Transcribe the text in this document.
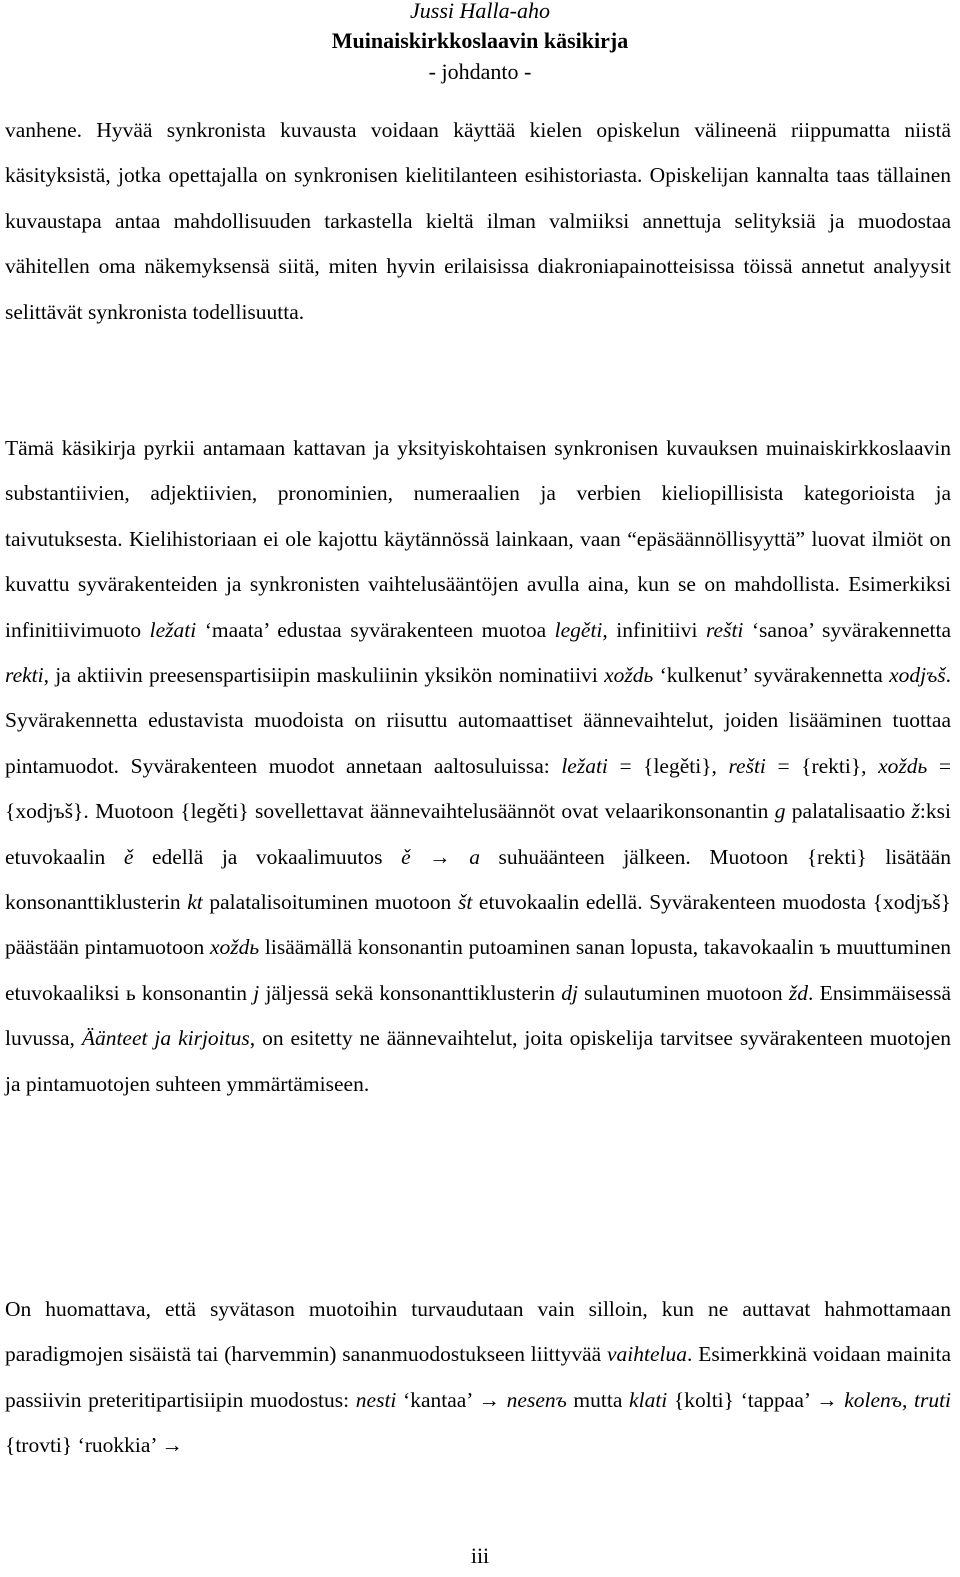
Jussi Halla-aho
Muinaiskirkkoslaavin käsikirja
- johdanto -

vanhene. Hyvää synkronista kuvausta voidaan käyttää kielen opiskelun välineenä riippumatta niistä käsityksistä, jotka opettajalla on synkronisen kielitilanteen esihistoriasta. Opiskelijan kannalta taas tällainen kuvaustapa antaa mahdollisuuden tarkastella kieltä ilman valmiiksi annettuja selityksiä ja muodostaa vähitellen oma näkemyksensä siitä, miten hyvin erilaisissa diakroniapainotteisissa töissä annetut analyysit selittävät synkronista todellisuutta.

Tämä käsikirja pyrkii antamaan kattavan ja yksityiskohtaisen synkronisen kuvauksen muinaiskirkkoslaavin substantiivien, adjektiivien, pronominien, numeraalien ja verbien kieliopillisista kategorioista ja taivutuksesta. Kielihistoriaan ei ole kajottu käytännössä lainkaan, vaan “epäsäännöllisyyttä” luovat ilmiöt on kuvattu syvärakenteiden ja synkronisten vaihtelusääntöjen avulla aina, kun se on mahdollista. Esimerkiksi infinitiivimuoto ležati ‘maata’ edustaa syvärakenteen muotoa legěti, infinitiivi rešti ‘sanoa’ syvärakennetta rekti, ja aktiivin preesenspartisiipin maskuliinin yksikön nominatiivi xoždь ‘kulkenut’ syvärakennetta xodjъš. Syvärakennetta edustavista muodoista on riisuttu automaattiset äännevaihtelut, joiden lisääminen tuottaa pintamuodot. Syvärakenteen muodot annetaan aaltosuluissa: ležati = {legěti}, rešti = {rekti}, xoždь = {xodjъš}. Muotoon {legěti} sovellettavat äännevaihtelusäännöt ovat velaarikonsonantin g palatalisaatio ž:ksi etuvokaalin ě edellä ja vokaalimuutos ě → a suhuäänteen jälkeen. Muotoon {rekti} lisätään konsonanttiklusterin kt palatalisoituminen muotoon št etuvokaalin edellä. Syvärakenteen muodosta {xodjъš} päästään pintamuotoon xoždь lisäämällä konsonantin putoaminen sanan lopusta, takavokaalin ъ muuttuminen etuvokaaliksi ь konsonantin j jäljessä sekä konsonanttiklusterin dj sulautuminen muotoon žd. Ensimmäisessä luvussa, Äänteet ja kirjoitus, on esitetty ne äännevaihtelut, joita opiskelija tarvitsee syvärakenteen muotojen ja pintamuotojen suhteen ymmärtämiseen.

On huomattava, että syvätason muotoihin turvaudutaan vain silloin, kun ne auttavat hahmottamaan paradigmojen sisäistä tai (harvemmin) sananmuodostukseen liittyvää vaihtelua. Esimerkkinä voidaan mainita passiivin preteritipartisiipin muodostus: nesti ‘kantaa’ → nesenъ mutta klati {kolti} ‘tappaa’ → kolenъ, truti {trovti} ‘ruokkia’ →

iii
